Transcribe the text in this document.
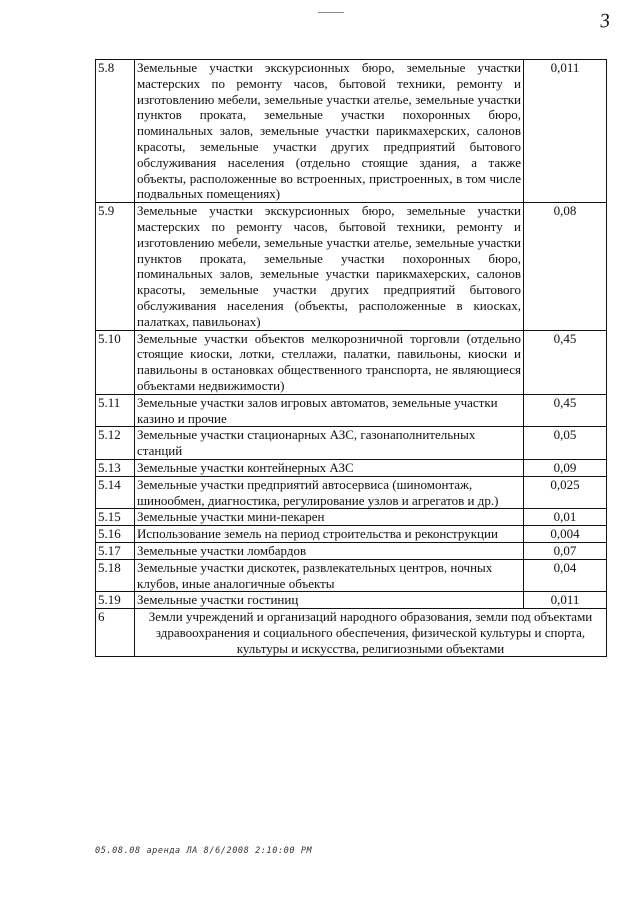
3
5.8	Земельные участки экскурсионных бюро, земельные участки мастерских по ремонту часов, бытовой техники, ремонту и изготовлению мебели, земельные участки ателье, земельные участки пунктов проката, земельные участки похоронных бюро, поминальных залов, земельные участки парикмахерских, салонов красоты, земельные участки других предприятий бытового обслуживания населения (отдельно стоящие здания, а также объекты, расположенные во встроенных, пристроенных, в том числе подвальных помещениях)	0,011
5.9	Земельные участки экскурсионных бюро, земельные участки мастерских по ремонту часов, бытовой техники, ремонту и изготовлению мебели, земельные участки ателье, земельные участки пунктов проката, земельные участки похоронных бюро, поминальных залов, земельные участки парикмахерских, салонов красоты, земельные участки других предприятий бытового обслуживания населения (объекты, расположенные в киосках, палатках, павильонах)	0,08
5.10	Земельные участки объектов мелкорозничной торговли (отдельно стоящие киоски, лотки, стеллажи, палатки, павильоны, киоски и павильоны в остановках общественного транспорта, не являющиеся объектами недвижимости)	0,45
5.11	Земельные участки залов игровых автоматов, земельные участки казино и прочие	0,45
5.12	Земельные участки стационарных АЗС, газонаполнительных станций	0,05
5.13	Земельные участки контейнерных АЗС	0,09
5.14	Земельные участки предприятий автосервиса (шиномонтаж, шинообмен, диагностика, регулирование узлов и агрегатов и др.)	0,025
5.15	Земельные участки мини-пекарен	0,01
5.16	Использование земель на период строительства и реконструкции	0,004
5.17	Земельные участки ломбардов	0,07
5.18	Земельные участки дискотек, развлекательных центров, ночных клубов, иные аналогичные объекты	0,04
5.19	Земельные участки гостиниц	0,011
6	Земли учреждений и организаций народного образования, земли под объектами здравоохранения и социального обеспечения, физической культуры и спорта, культуры и искусства, религиозными объектами	
05.08.08 аренда ЛА 8/6/2008 2:10:00 PM
